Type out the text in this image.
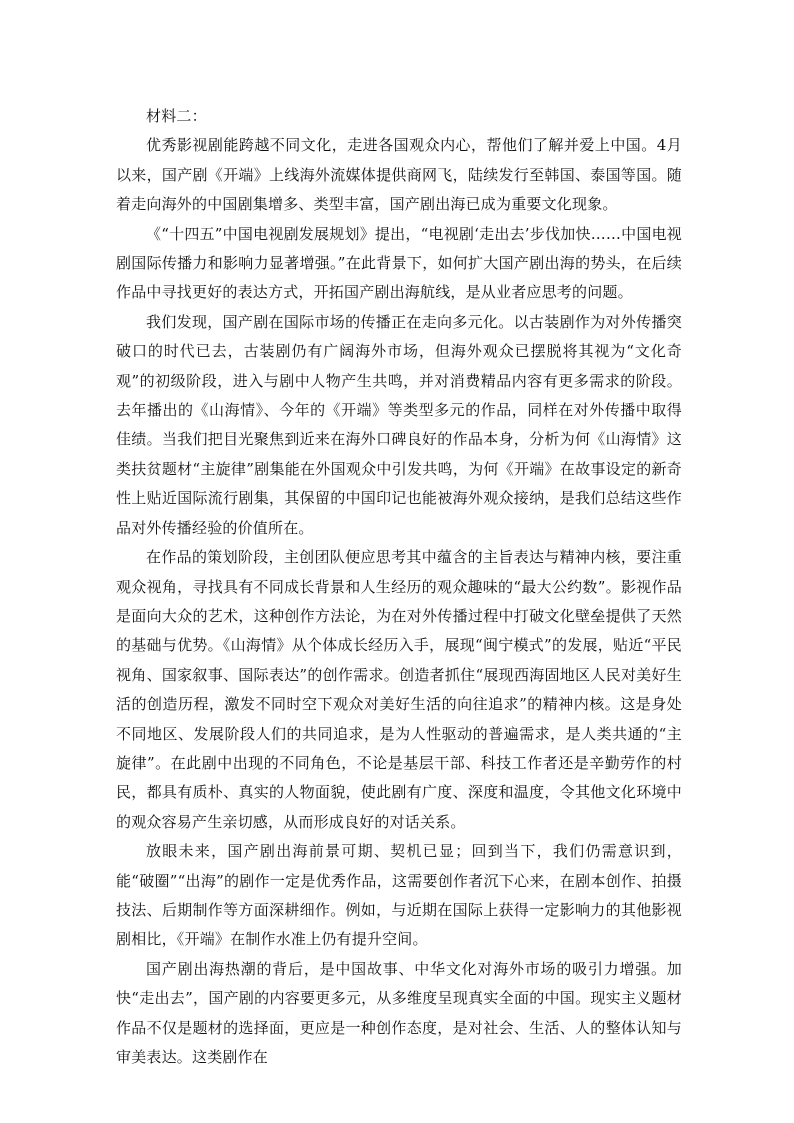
材料二：

优秀影视剧能跨越不同文化，走进各国观众内心，帮他们了解并爱上中国。4月以来，国产剧《开端》上线海外流媒体提供商网飞，陆续发行至韩国、泰国等国。随着走向海外的中国剧集增多、类型丰富，国产剧出海已成为重要文化现象。

《“十四五”中国电视剧发展规划》提出，“电视剧‘走出去’步伐加快……中国电视剧国际传播力和影响力显著增强。”在此背景下，如何扩大国产剧出海的势头，在后续作品中寻找更好的表达方式，开拓国产剧出海航线，是从业者应思考的问题。

我们发现，国产剧在国际市场的传播正在走向多元化。以古装剧作为对外传播突破口的时代已去，古装剧仍有广阔海外市场，但海外观众已摆脱将其视为“文化奇观”的初级阶段，进入与剧中人物产生共鸣，并对消费精品内容有更多需求的阶段。去年播出的《山海情》、今年的《开端》等类型多元的作品，同样在对外传播中取得佳绩。当我们把目光聚焦到近来在海外口碑良好的作品本身，分析为何《山海情》这类扶贫题材“主旋律”剧集能在外国观众中引发共鸣，为何《开端》在故事设定的新奇性上贴近国际流行剧集，其保留的中国印记也能被海外观众接纳，是我们总结这些作品对外传播经验的价值所在。

在作品的策划阶段，主创团队便应思考其中蕴含的主旨表达与精神内核，要注重观众视角，寻找具有不同成长背景和人生经历的观众趣味的“最大公约数”。影视作品是面向大众的艺术，这种创作方法论，为在对外传播过程中打破文化壁垒提供了天然的基础与优势。《山海情》从个体成长经历入手，展现“闽宁模式”的发展，贴近“平民视角、国家叙事、国际表达”的创作需求。创造者抓住“展现西海固地区人民对美好生活的创造历程，激发不同时空下观众对美好生活的向往追求”的精神内核。这是身处不同地区、发展阶段人们的共同追求，是为人性驱动的普遍需求，是人类共通的“主旋律”。在此剧中出现的不同角色，不论是基层干部、科技工作者还是辛勤劳作的村民，都具有质朴、真实的人物面貌，使此剧有广度、深度和温度，令其他文化环境中的观众容易产生亲切感，从而形成良好的对话关系。

放眼未来，国产剧出海前景可期、契机已显；回到当下，我们仍需意识到，能“破圈”“出海”的剧作一定是优秀作品，这需要创作者沉下心来，在剧本创作、拍摄技法、后期制作等方面深耕细作。例如，与近期在国际上获得一定影响力的其他影视剧相比，《开端》在制作水准上仍有提升空间。

国产剧出海热潮的背后，是中国故事、中华文化对海外市场的吸引力增强。加快“走出去”，国产剧的内容要更多元，从多维度呈现真实全面的中国。现实主义题材作品不仅是题材的选择面，更应是一种创作态度，是对社会、生活、人的整体认知与审美表达。这类剧作在
